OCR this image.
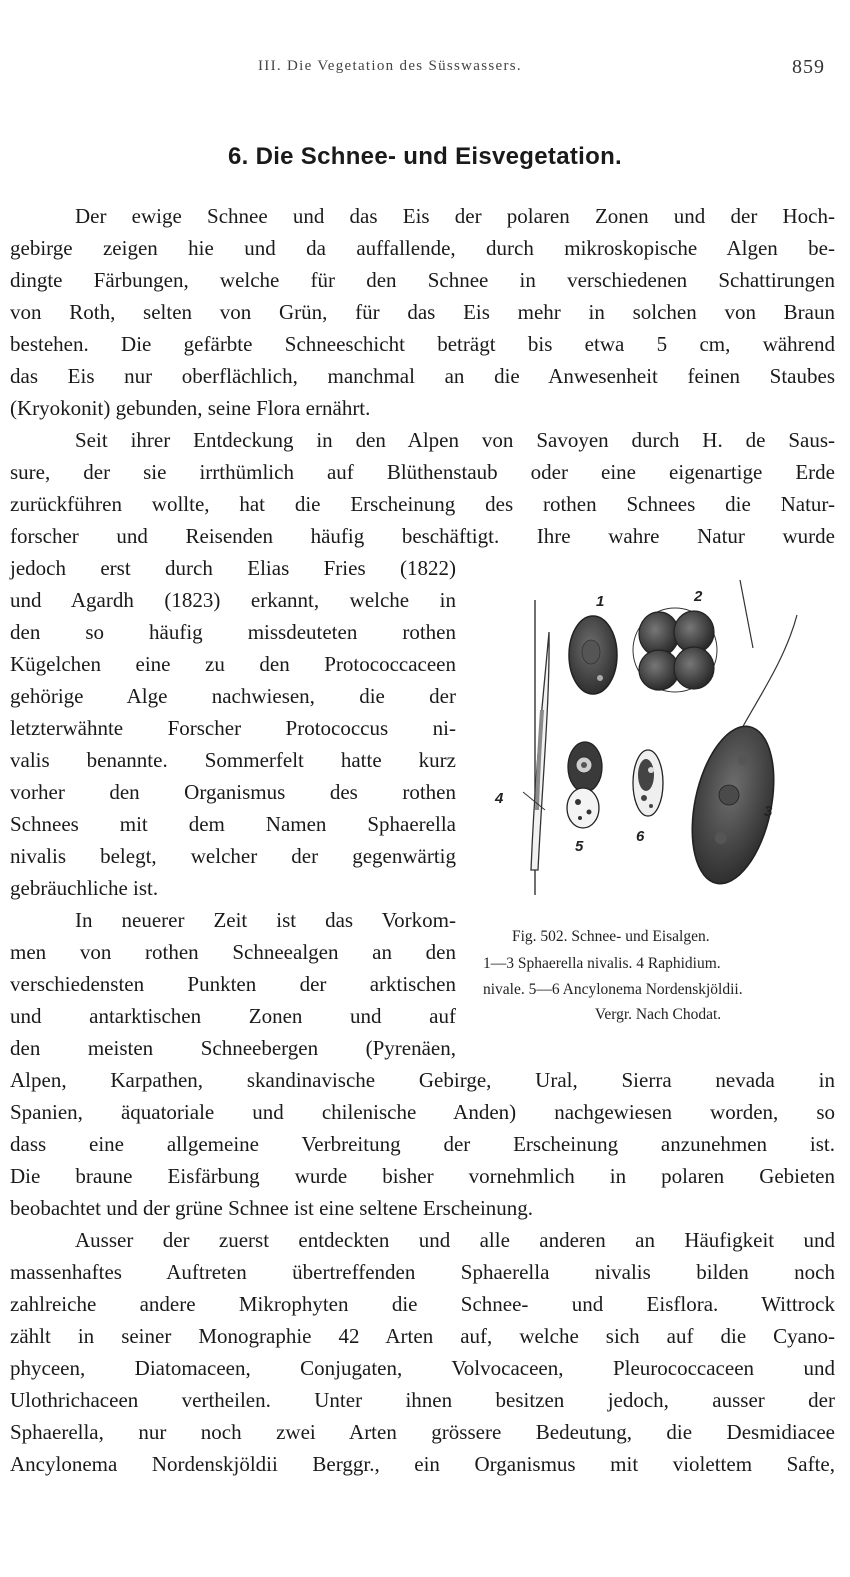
III. Die Vegetation des Süsswassers.	859
6. Die Schnee- und Eisvegetation.
Der ewige Schnee und das Eis der polaren Zonen und der Hoch-
gebirge zeigen hie und da auffallende, durch mikroskopische Algen be-
dingte Färbungen, welche für den Schnee in verschiedenen Schattirungen
von Roth, selten von Grün, für das Eis mehr in solchen von Braun
bestehen. Die gefärbte Schneeschicht beträgt bis etwa 5 cm, während
das Eis nur oberflächlich, manchmal an die Anwesenheit feinen Staubes
(Kryokonit) gebunden, seine Flora ernährt.
Seit ihrer Entdeckung in den Alpen von Savoyen durch H. de Saus-
sure, der sie irrthümlich auf Blüthenstaub oder eine eigenartige Erde
zurückführen wollte, hat die Erscheinung des rothen Schnees die Natur-
forscher und Reisenden häufig beschäftigt. Ihre wahre Natur wurde
jedoch erst durch Elias Fries (1822)
und Agardh (1823) erkannt, welche in
den so häufig missdeuteten rothen
Kügelchen eine zu den Protococcaceen
gehörige Alge nachwiesen, die der
letzterwähnte Forscher Protococcus ni-
valis benannte. Sommerfelt hatte kurz
vorher den Organismus des rothen
Schnees mit dem Namen Sphaerella
nivalis belegt, welcher der gegenwärtig
gebräuchliche ist.
In neuerer Zeit ist das Vorkom-
men von rothen Schneealgen an den
verschiedensten Punkten der arktischen
und antarktischen Zonen und auf
den meisten Schneebergen (Pyrenäen,
Alpen, Karpathen, skandinavische Gebirge, Ural, Sierra nevada in
Spanien, äquatoriale und chilenische Anden) nachgewiesen worden, so
dass eine allgemeine Verbreitung der Erscheinung anzunehmen ist.
Die braune Eisfärbung wurde bisher vornehmlich in polaren Gebieten
beobachtet und der grüne Schnee ist eine seltene Erscheinung.
Ausser der zuerst entdeckten und alle anderen an Häufigkeit und
massenhaftes Auftreten übertreffenden Sphaerella nivalis bilden noch
zahlreiche andere Mikrophyten die Schnee- und Eisflora. Wittrock
zählt in seiner Monographie 42 Arten auf, welche sich auf die Cyano-
phyceen, Diatomaceen, Conjugaten, Volvocaceen, Pleurococcaceen und
Ulothrichaceen vertheilen. Unter ihnen besitzen jedoch, ausser der
Sphaerella, nur noch zwei Arten grössere Bedeutung, die Desmidiacee
Ancylonema Nordenskjöldii Berggr., ein Organismus mit violettem Safte,
1	2
3
4
5
6
Fig. 502. Schnee- und Eisalgen.
1—3 Sphaerella nivalis. 4 Raphidium.
nivale. 5—6 Ancylonema Nordenskjöldii.
Vergr. Nach Chodat.
